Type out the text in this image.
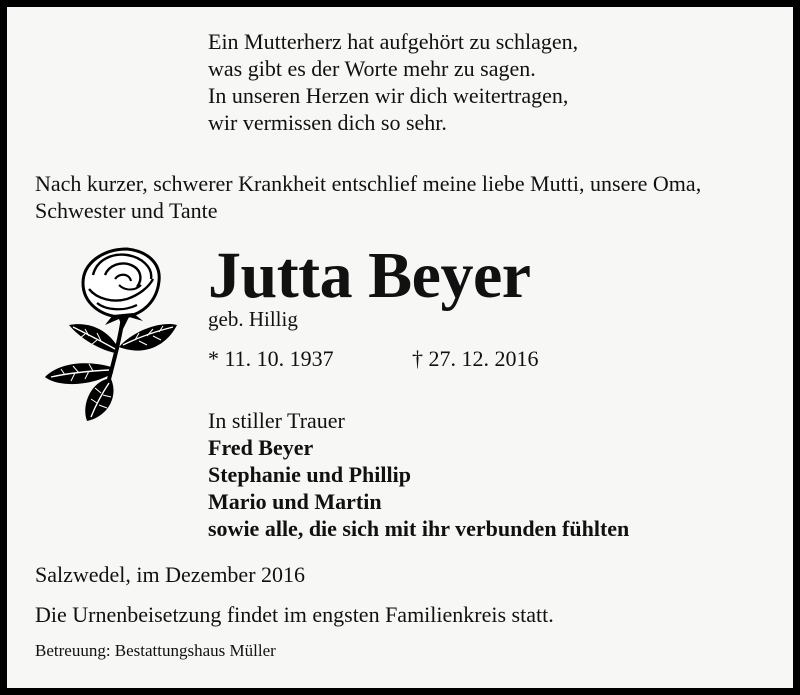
Ein Mutterherz hat aufgehört zu schlagen,
was gibt es der Worte mehr zu sagen.
In unseren Herzen wir dich weitertragen,
wir vermissen dich so sehr.
Nach kurzer, schwerer Krankheit entschlief meine liebe Mutti, unsere Oma, Schwester und Tante
Jutta Beyer
geb. Hillig
* 11. 10. 1937	† 27. 12. 2016
In stiller Trauer
Fred Beyer
Stephanie und Phillip
Mario und Martin
sowie alle, die sich mit ihr verbunden fühlten
Salzwedel, im Dezember 2016
Die Urnenbeisetzung findet im engsten Familienkreis statt.
Betreuung: Bestattungshaus Müller
